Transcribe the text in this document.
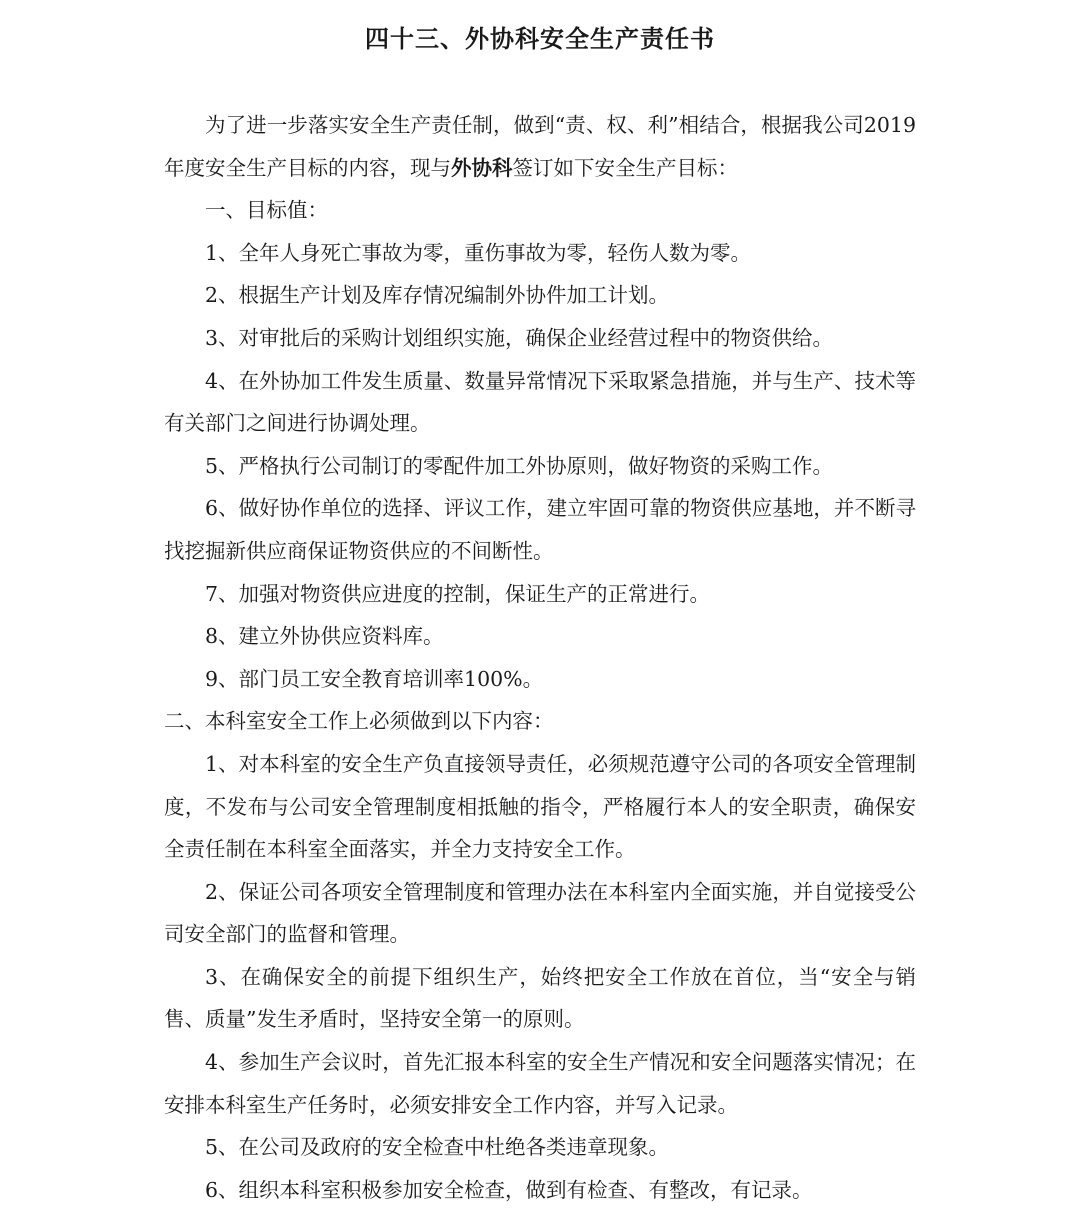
四十三、外协科安全生产责任书

为了进一步落实安全生产责任制，做到“责、权、利”相结合，根据我公司2019年度安全生产目标的内容，现与外协科签订如下安全生产目标：

一、目标值：

1、全年人身死亡事故为零，重伤事故为零，轻伤人数为零。

2、根据生产计划及库存情况编制外协件加工计划。

3、对审批后的采购计划组织实施，确保企业经营过程中的物资供给。

4、在外协加工件发生质量、数量异常情况下采取紧急措施，并与生产、技术等有关部门之间进行协调处理。

5、严格执行公司制订的零配件加工外协原则，做好物资的采购工作。

6、做好协作单位的选择、评议工作，建立牢固可靠的物资供应基地，并不断寻找挖掘新供应商保证物资供应的不间断性。

7、加强对物资供应进度的控制，保证生产的正常进行。

8、建立外协供应资料库。

9、部门员工安全教育培训率100%。

二、本科室安全工作上必须做到以下内容：

1、对本科室的安全生产负直接领导责任，必须规范遵守公司的各项安全管理制度，不发布与公司安全管理制度相抵触的指令，严格履行本人的安全职责，确保安全责任制在本科室全面落实，并全力支持安全工作。

2、保证公司各项安全管理制度和管理办法在本科室内全面实施，并自觉接受公司安全部门的监督和管理。

3、在确保安全的前提下组织生产，始终把安全工作放在首位，当“安全与销售、质量”发生矛盾时，坚持安全第一的原则。

4、参加生产会议时，首先汇报本科室的安全生产情况和安全问题落实情况；在安排本科室生产任务时，必须安排安全工作内容，并写入记录。

5、在公司及政府的安全检查中杜绝各类违章现象。

6、组织本科室积极参加安全检查，做到有检查、有整改，有记录。
